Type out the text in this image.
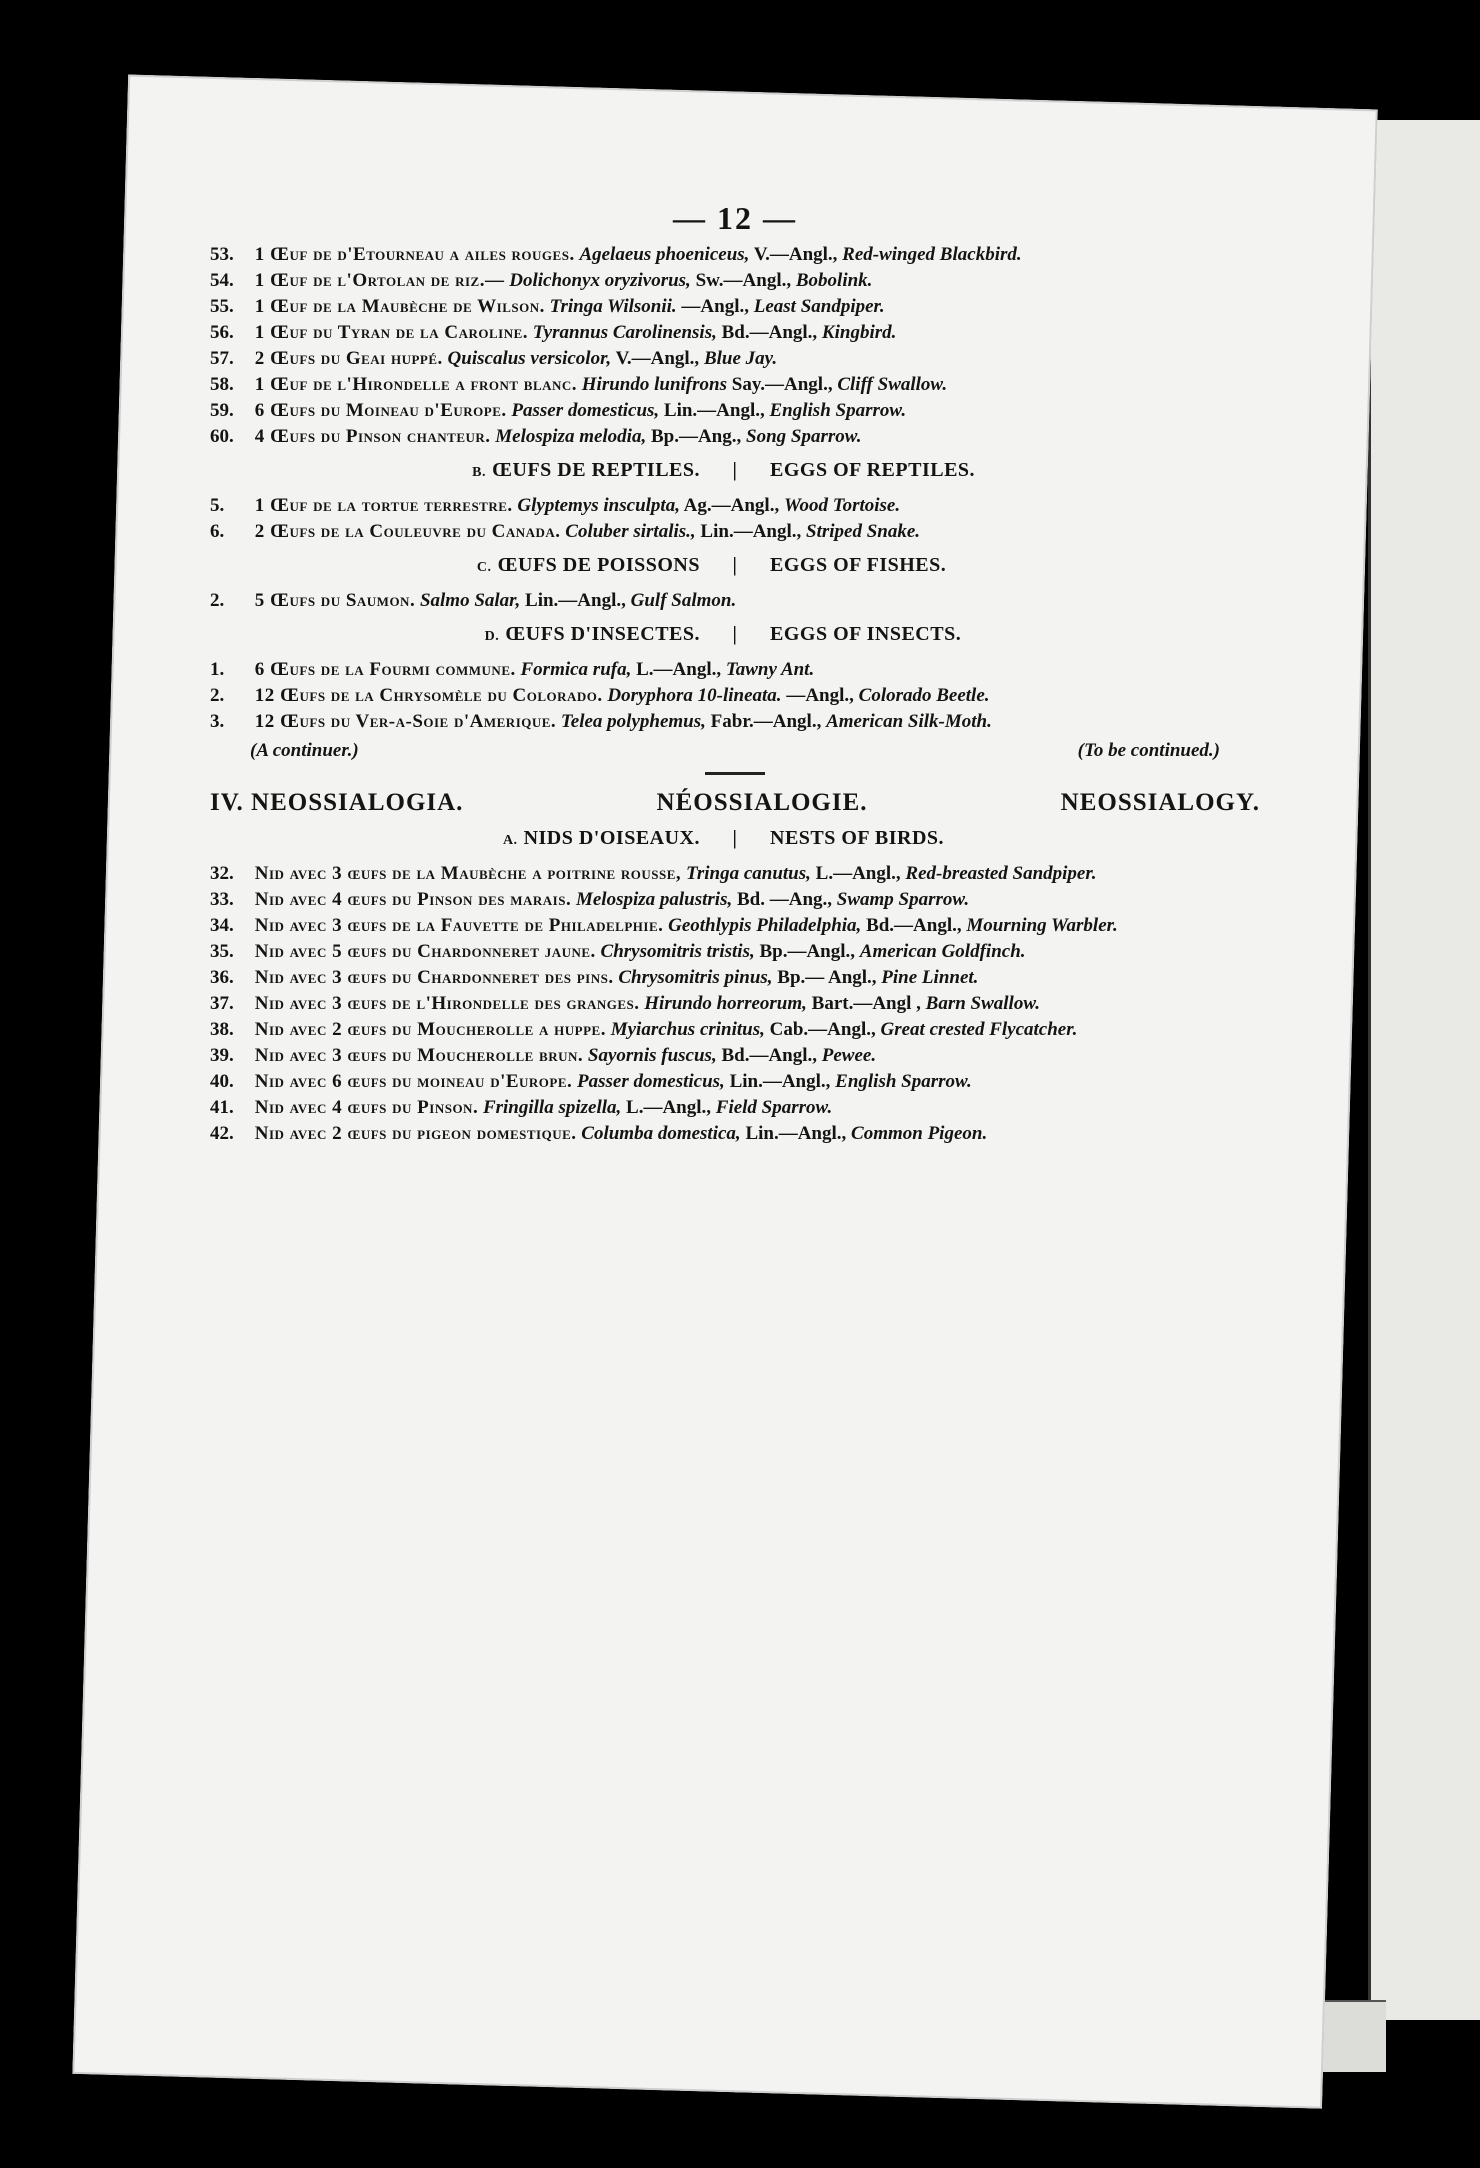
— 12 —

53. 1 Œuf de d'Etourneau a ailes rouges. Agelaeus phoeniceus, V.—Angl., Red-winged Blackbird.

54. 1 Œuf de l'Ortolan de riz.— Dolichonyx oryzivorus, Sw.—Angl., Bobolink.

55. 1 Œuf de la Maubèche de Wilson. Tringa Wilsonii. —Angl., Least Sandpiper.

56. 1 Œuf du Tyran de la Caroline. Tyrannus Carolinensis, Bd.—Angl., Kingbird.

57. 2 Œufs du Geai huppé. Quiscalus versicolor, V.—Angl., Blue Jay.

58. 1 Œuf de l'Hirondelle a front blanc. Hirundo lunifrons Say.—Angl., Cliff Swallow.

59. 6 Œufs du Moineau d'Europe. Passer domesticus, Lin.—Angl., English Sparrow.

60. 4 Œufs du Pinson chanteur. Melospiza melodia, Bp.—Ang., Song Sparrow.

B. ŒUFS DE REPTILES.	|	EGGS OF REPTILES.

5. 1 Œuf de la tortue terrestre. Glyptemys insculpta, Ag.—Angl., Wood Tortoise.

6. 2 Œufs de la Couleuvre du Canada. Coluber sirtalis., Lin.—Angl., Striped Snake.

C. ŒUFS DE POISSONS	|	EGGS OF FISHES.

2. 5 Œufs du Saumon. Salmo Salar, Lin.—Angl., Gulf Salmon.

D. ŒUFS D'INSECTES.	|	EGGS OF INSECTS.

1. 6 Œufs de la Fourmi commune. Formica rufa, L.—Angl., Tawny Ant.

2. 12 Œufs de la Chrysomèle du Colorado. Doryphora 10-lineata. —Angl., Colorado Beetle.

3. 12 Œufs du Ver-a-Soie d'Amerique. Telea polyphemus, Fabr.—Angl., American Silk-Moth.

(A continuer.)	(To be continued.)
IV. NEOSSIALOGIA.	NÉOSSIALOGIE.	NEOSSIALOGY.
A. NIDS D'OISEAUX.	|	NESTS OF BIRDS.

32. Nid avec 3 œufs de la Maubèche a poitrine rousse, Tringa canutus, L.—Angl., Red-breasted Sandpiper.

33. Nid avec 4 œufs du Pinson des marais. Melospiza palustris, Bd. —Ang., Swamp Sparrow.

34. Nid avec 3 œufs de la Fauvette de Philadelphie. Geothlypis Philadelphia, Bd.—Angl., Mourning Warbler.

35. Nid avec 5 œufs du Chardonneret jaune. Chrysomitris tristis, Bp.—Angl., American Goldfinch.

36. Nid avec 3 œufs du Chardonneret des pins. Chrysomitris pinus, Bp.— Angl., Pine Linnet.

37. Nid avec 3 œufs de l'Hirondelle des granges. Hirundo horreorum, Bart.—Angl , Barn Swallow.

38. Nid avec 2 œufs du Moucherolle a huppe. Myiarchus crinitus, Cab.—Angl., Great crested Flycatcher.

39. Nid avec 3 œufs du Moucherolle brun. Sayornis fuscus, Bd.—Angl., Pewee.

40. Nid avec 6 œufs du moineau d'Europe. Passer domesticus, Lin.—Angl., English Sparrow.

41. Nid avec 4 œufs du Pinson. Fringilla spizella, L.—Angl., Field Sparrow.

42. Nid avec 2 œufs du pigeon domestique. Columba domestica, Lin.—Angl., Common Pigeon.
